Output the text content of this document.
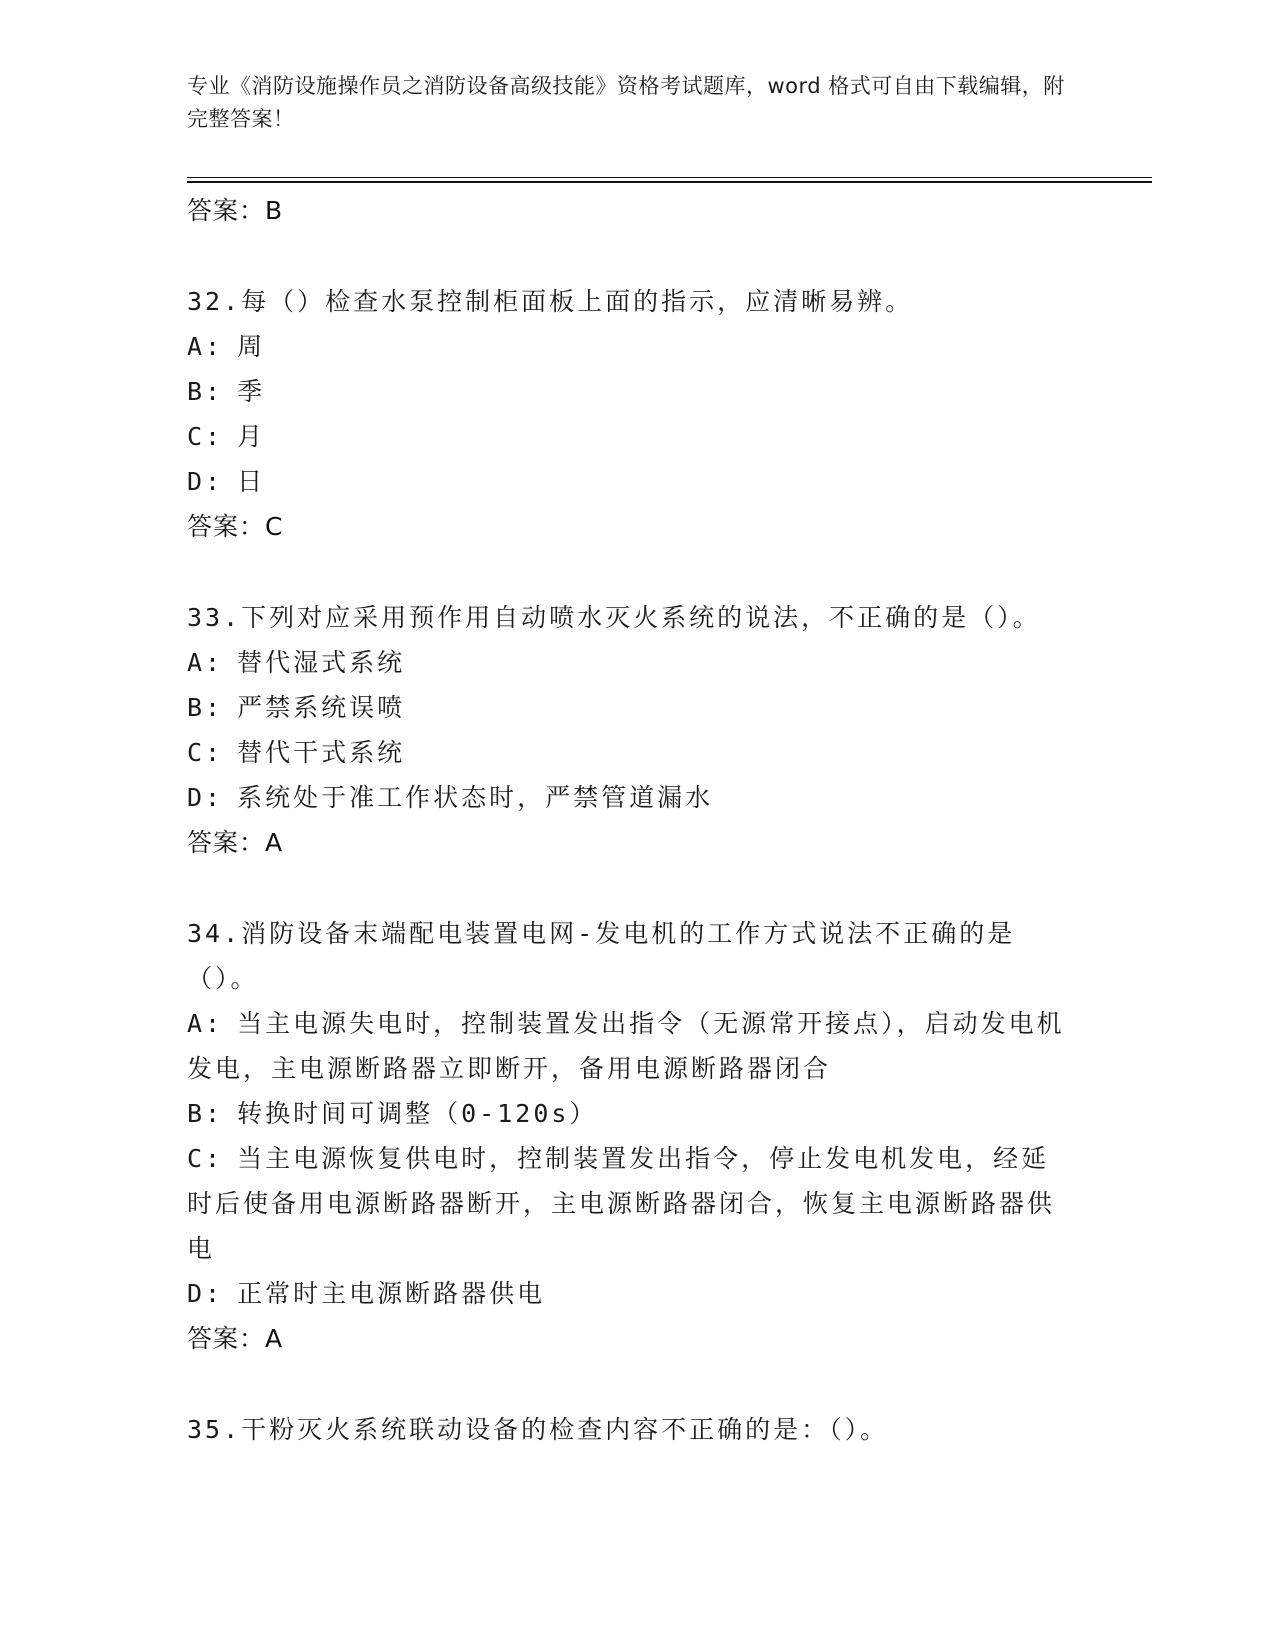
专业《消防设施操作员之消防设备高级技能》资格考试题库，word 格式可自由下载编辑，附完整答案！
答案：B
32.每（）检查水泵控制柜面板上面的指示，应清晰易辨。
A: 周
B: 季
C: 月
D: 日
答案：C
33.下列对应采用预作用自动喷水灭火系统的说法，不正确的是（）。
A: 替代湿式系统
B: 严禁系统误喷
C: 替代干式系统
D: 系统处于准工作状态时，严禁管道漏水
答案：A
34.消防设备末端配电装置电网-发电机的工作方式说法不正确的是（）。
A: 当主电源失电时，控制装置发出指令（无源常开接点），启动发电机发电，主电源断路器立即断开，备用电源断路器闭合
B: 转换时间可调整（0-120s）
C: 当主电源恢复供电时，控制装置发出指令，停止发电机发电，经延时后使备用电源断路器断开，主电源断路器闭合，恢复主电源断路器供电
D: 正常时主电源断路器供电
答案：A
35.干粉灭火系统联动设备的检查内容不正确的是：（）。
